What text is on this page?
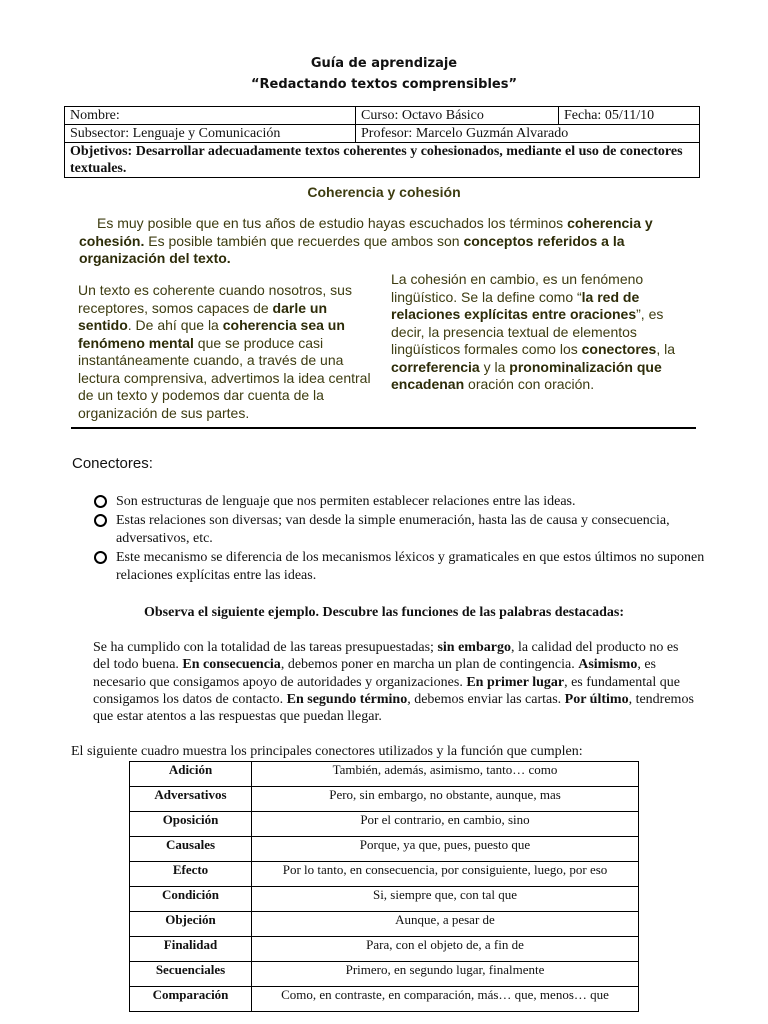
Guía de aprendizaje
“Redactando textos comprensibles”
Nombre:	Curso: Octavo Básico	Fecha: 05/11/10
Subsector: Lenguaje y Comunicación	Profesor: Marcelo Guzmán Alvarado	
Objetivos: Desarrollar adecuadamente textos coherentes y cohesionados, mediante el uso de conectores textuales.		
Coherencia y cohesión
Es muy posible que en tus años de estudio hayas escuchados los términos coherencia y cohesión. Es posible también que recuerdes que ambos son conceptos referidos a la organización del texto.
Un texto es coherente cuando nosotros, sus receptores, somos capaces de darle un sentido. De ahí que la coherencia sea un fenómeno mental que se produce casi instantáneamente cuando, a través de una lectura comprensiva, advertimos la idea central de un texto y podemos dar cuenta de la organización de sus partes.
La cohesión en cambio, es un fenómeno lingüístico. Se la define como “la red de relaciones explícitas entre oraciones”, es decir, la presencia textual de elementos lingüísticos formales como los conectores, la correferencia y la pronominalización que encadenan oración con oración.
Conectores:
Son estructuras de lenguaje que nos permiten establecer relaciones entre las ideas.
Estas relaciones son diversas; van desde la simple enumeración, hasta las de causa y consecuencia, adversativos, etc.
Este mecanismo se diferencia de los mecanismos léxicos y gramaticales en que estos últimos no suponen relaciones explícitas entre las ideas.
Observa el siguiente ejemplo. Descubre las funciones de las palabras destacadas:
Se ha cumplido con la totalidad de las tareas presupuestadas; sin embargo, la calidad del producto no es del todo buena. En consecuencia, debemos poner en marcha un plan de contingencia. Asimismo, es necesario que consigamos apoyo de autoridades y organizaciones. En primer lugar, es fundamental que consigamos los datos de contacto. En segundo término, debemos enviar las cartas. Por último, tendremos que estar atentos a las respuestas que puedan llegar.
El siguiente cuadro muestra los principales conectores utilizados y la función que cumplen:
Adición	También, además, asimismo, tanto… como
Adversativos	Pero, sin embargo, no obstante, aunque, mas
Oposición	Por el contrario, en cambio, sino
Causales	Porque, ya que, pues, puesto que
Efecto	Por lo tanto, en consecuencia, por consiguiente, luego, por eso
Condición	Si, siempre que, con tal que
Objeción	Aunque, a pesar de
Finalidad	Para, con el objeto de, a fin de
Secuenciales	Primero, en segundo lugar, finalmente
Comparación	Como, en contraste, en comparación, más… que, menos… que
